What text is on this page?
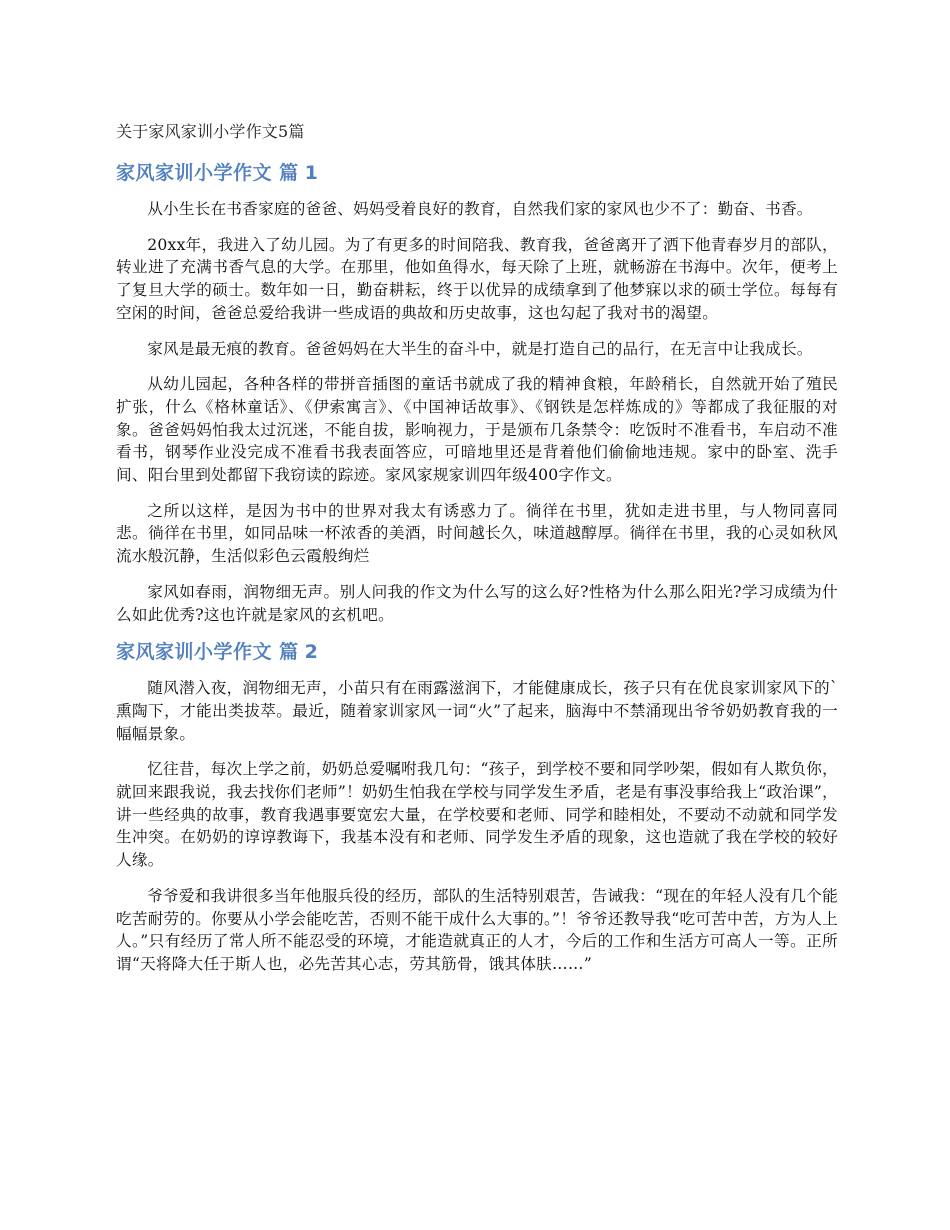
关于家风家训小学作文5篇
家风家训小学作文 篇 1

从小生长在书香家庭的爸爸、妈妈受着良好的教育，自然我们家的家风也少不了：勤奋、书香。

20xx年，我进入了幼儿园。为了有更多的时间陪我、教育我，爸爸离开了洒下他青春岁月的部队，转业进了充满书香气息的大学。在那里，他如鱼得水，每天除了上班，就畅游在书海中。次年，便考上了复旦大学的硕士。数年如一日，勤奋耕耘，终于以优异的成绩拿到了他梦寐以求的硕士学位。每每有空闲的时间，爸爸总爱给我讲一些成语的典故和历史故事，这也勾起了我对书的渴望。

家风是最无痕的教育。爸爸妈妈在大半生的奋斗中，就是打造自己的品行，在无言中让我成长。

从幼儿园起，各种各样的带拼音插图的童话书就成了我的精神食粮，年龄稍长，自然就开始了殖民扩张，什么《格林童话》、《伊索寓言》、《中国神话故事》、《钢铁是怎样炼成的》等都成了我征服的对象。爸爸妈妈怕我太过沉迷，不能自拔，影响视力，于是颁布几条禁令：吃饭时不准看书，车启动不准看书，钢琴作业没完成不准看书我表面答应，可暗地里还是背着他们偷偷地违规。家中的卧室、洗手间、阳台里到处都留下我窃读的踪迹。家风家规家训四年级400字作文。

之所以这样，是因为书中的世界对我太有诱惑力了。徜徉在书里，犹如走进书里，与人物同喜同悲。徜徉在书里，如同品味一杯浓香的美酒，时间越长久，味道越醇厚。徜徉在书里，我的心灵如秋风流水般沉静，生活似彩色云霞般绚烂

家风如春雨，润物细无声。别人问我的作文为什么写的这么好?性格为什么那么阳光?学习成绩为什么如此优秀?这也许就是家风的玄机吧。

家风家训小学作文 篇 2

随风潜入夜，润物细无声，小苗只有在雨露滋润下，才能健康成长，孩子只有在优良家训家风下的`熏陶下，才能出类拔萃。最近，随着家训家风一词“火”了起来，脑海中不禁涌现出爷爷奶奶教育我的一幅幅景象。

忆往昔，每次上学之前，奶奶总爱嘱咐我几句：“孩子，到学校不要和同学吵架，假如有人欺负你，就回来跟我说，我去找你们老师”！奶奶生怕我在学校与同学发生矛盾，老是有事没事给我上“政治课”，讲一些经典的故事，教育我遇事要宽宏大量，在学校要和老师、同学和睦相处，不要动不动就和同学发生冲突。在奶奶的谆谆教诲下，我基本没有和老师、同学发生矛盾的现象，这也造就了我在学校的较好人缘。

爷爷爱和我讲很多当年他服兵役的经历，部队的生活特别艰苦，告诫我：“现在的年轻人没有几个能吃苦耐劳的。你要从小学会能吃苦，否则不能干成什么大事的。”！爷爷还教导我“吃可苦中苦，方为人上人。”只有经历了常人所不能忍受的环境，才能造就真正的人才，今后的工作和生活方可高人一等。正所谓“天将降大任于斯人也，必先苦其心志，劳其筋骨，饿其体肤……”
